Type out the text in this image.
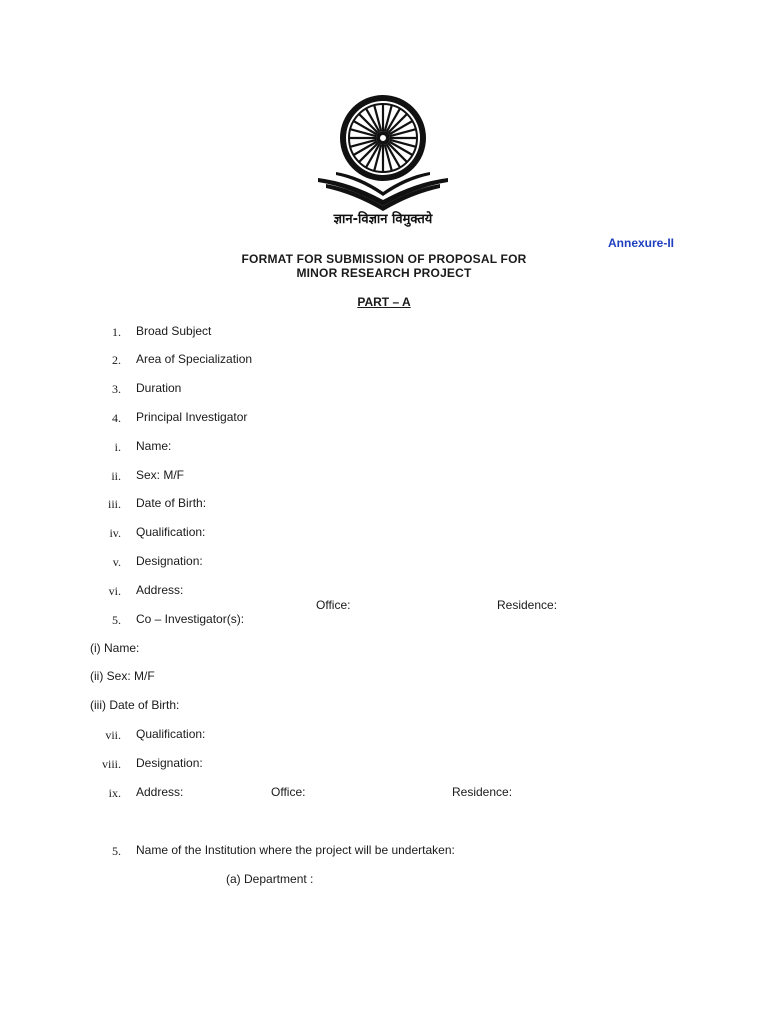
ज्ञान-विज्ञान विमुक्तये
Annexure-II
FORMAT FOR SUBMISSION OF PROPOSAL FOR
MINOR RESEARCH PROJECT
PART – A
1. Broad Subject
2. Area of Specialization
3. Duration
4. Principal Investigator
i. Name:
ii. Sex: M/F
iii. Date of Birth:
iv. Qualification:
v. Designation:
vi. Address:
Office:	Residence:
5. Co – Investigator(s):
(i) Name:
(ii) Sex: M/F
(iii) Date of Birth:
vii. Qualification:
viii. Designation:
ix. Address:	Office:	Residence:
5. Name of the Institution where the project will be undertaken:
(a) Department :
